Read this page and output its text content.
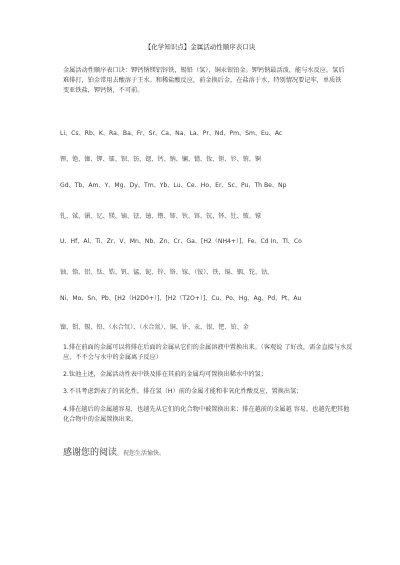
【化学知识点】金属活动性顺序表口诀

金属活动性顺序表口诀：钾钙钠镁铝锌铁，锡铅（氢），铜汞银铂金。钾钙钠最活泼，能与水反应，氢后难排打，铂金常用去酸溶于王水。和稀盐酸反应，前金换后金，在盐溶于水，特别情况要记牢，单质铁变亚铁盐，钾钙钠，不可前。

Li、Cs、Rb、K、Ra、Ba、Fr、Sr、Ca、Na、La、Pr、Nd、Pm、Sm、Eu、Ac
锂、铯、铷、钾、镭、钡、钫、锶、钙、钠、镧、镨、钕、钷、钐、铕、锕
Gd、Tb、Am、Y、Mg、Dy、Tm、Yb、Lu、Ce、Ho、Er、Sc、Pu、Th Be、Np
钆、铽、镅、钇、镁、镝、铥、镱、镥、铈、钬、铒、钪、钚、钍、铍、镎
U、Hf、Al、Ti、Zr、V、Mn、Nb、Zn、Cr、Ga、[H2（NH4+）]、Fe、Cd In、Tl、Co
铀、铪、铝、钛、锆、钒、锰、铌、锌、铬、镓、（铵）、铁、镉、铟、铊、钴、
Ni、Mo、Sn、Pb、[H2（H2D0+）]、[H2（T2O+）]、Cu、Po、Hg、Ag、Pd、Pt、Au
镍、钼、锡、铅、（水合氘）、（水合氚）、铜、钋、汞、银、钯、铂、金
1.排在前面的金属可以将排在后面的金属从它们的金属溶液中置换出来。（客观说 了好改，需金直接与水反应，不不会与水中的金属离子反应）
2.钛池上述，金属活动性表中铁及排在其前的金属均可置换出稀水中的氢；
3.不具考虑到表了的氧化性，排在氢（H）前的金属才能和非氧化性酸反应，置换出氢；
4.排在越后的金属越容易，也越先从它们的化合物中被置换出来；排在越前的金属越 容易，也越先把其他化合物中的金属置换出来。
感谢您的阅读，祝您生活愉快。
